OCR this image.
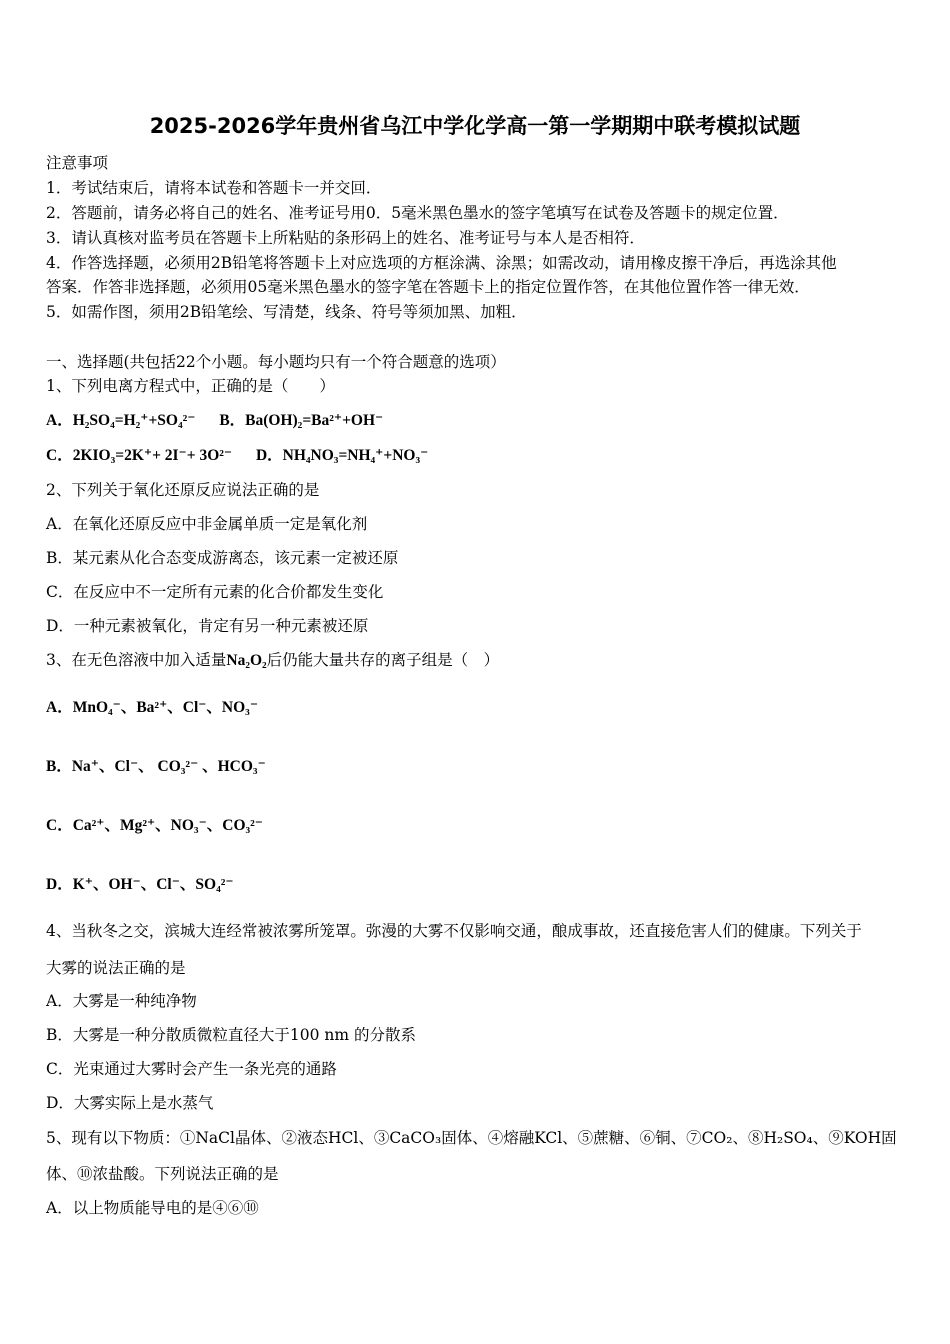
2025-2026学年贵州省乌江中学化学高一第一学期期中联考模拟试题
注意事项
1．考试结束后，请将本试卷和答题卡一并交回．
2．答题前，请务必将自己的姓名、准考证号用0．5毫米黑色墨水的签字笔填写在试卷及答题卡的规定位置．
3．请认真核对监考员在答题卡上所粘贴的条形码上的姓名、准考证号与本人是否相符．
4．作答选择题，必须用2B铅笔将答题卡上对应选项的方框涂满、涂黑；如需改动，请用橡皮擦干净后，再选涂其他
答案．作答非选择题，必须用05毫米黑色墨水的签字笔在答题卡上的指定位置作答，在其他位置作答一律无效．
5．如需作图，须用2B铅笔绘、写清楚，线条、符号等须加黑、加粗．
一、选择题(共包括22个小题。每小题均只有一个符合题意的选项）
1、下列电离方程式中，正确的是（　　）
A．H₂SO₄=H₂⁺+SO₄²⁻ B．Ba(OH)₂=Ba²⁺+OH⁻
C．2KIO₃=2K⁺+ 2I⁻+ 3O²⁻ D．NH₄NO₃=NH₄⁺+NO₃⁻
2、下列关于氧化还原反应说法正确的是
A．在氧化还原反应中非金属单质一定是氧化剂
B．某元素从化合态变成游离态，该元素一定被还原
C．在反应中不一定所有元素的化合价都发生变化
D．一种元素被氧化，肯定有另一种元素被还原
3、在无色溶液中加入适量Na₂O₂后仍能大量共存的离子组是（　）
A．MnO₄⁻、Ba²⁺、Cl⁻、NO₃⁻
B．Na⁺、Cl⁻、 CO₃²⁻ 、HCO₃⁻
C．Ca²⁺、Mg²⁺、NO₃⁻、CO₃²⁻
D．K⁺、OH⁻、Cl⁻、SO₄²⁻
4、当秋冬之交，滨城大连经常被浓雾所笼罩。弥漫的大雾不仅影响交通，酿成事故，还直接危害人们的健康。下列关于
大雾的说法正确的是
A．大雾是一种纯净物
B．大雾是一种分散质微粒直径大于100 nm 的分散系
C．光束通过大雾时会产生一条光亮的通路
D．大雾实际上是水蒸气
5、现有以下物质：①NaCl晶体、②液态HCl、③CaCO₃固体、④熔融KCl、⑤蔗糖、⑥铜、⑦CO₂、⑧H₂SO₄、⑨KOH固
体、⑩浓盐酸。下列说法正确的是
A．以上物质能导电的是④⑥⑩
